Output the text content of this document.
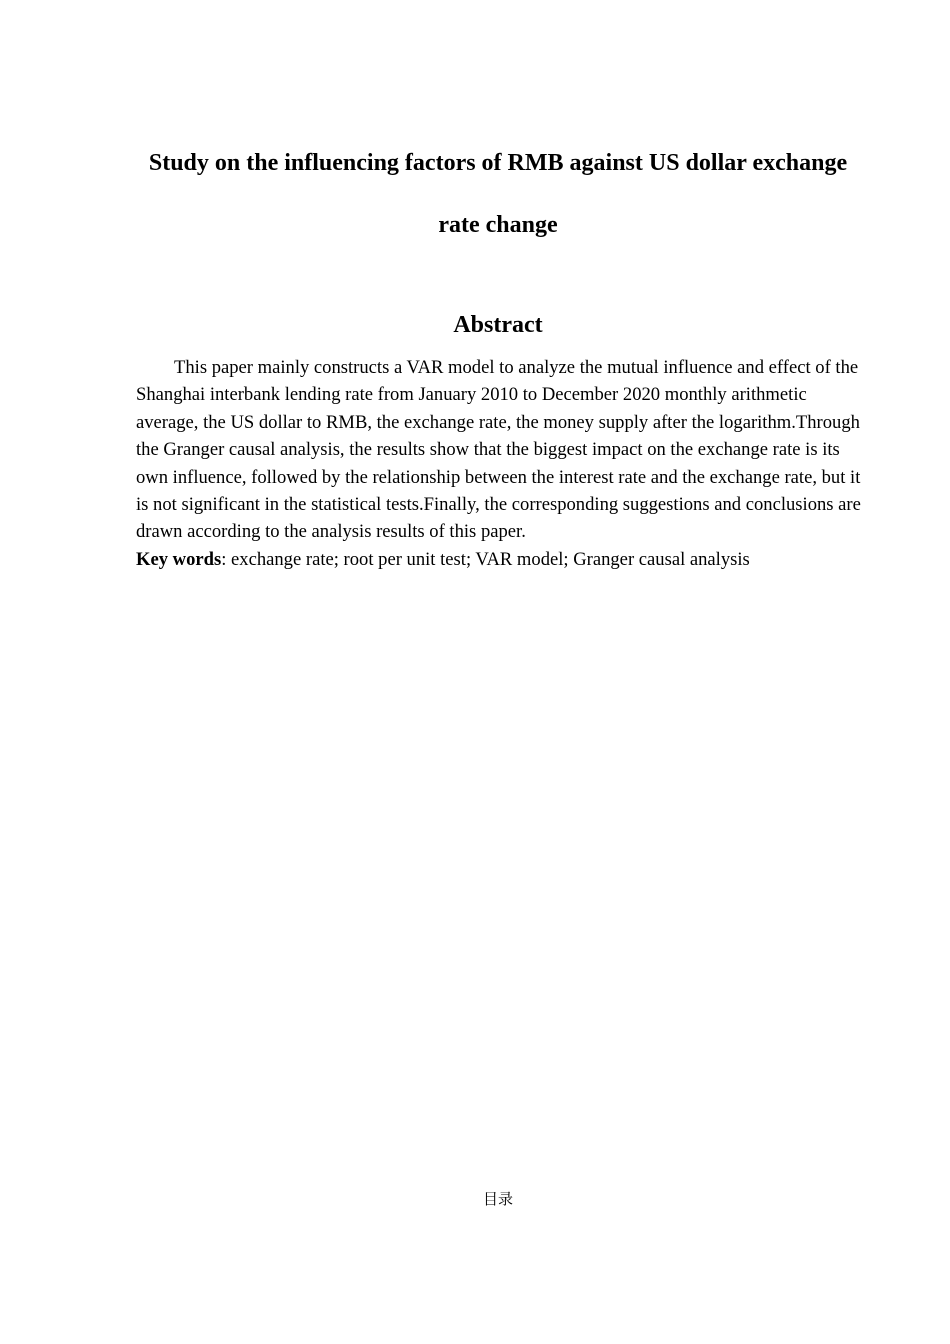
Study on the influencing factors of RMB against US dollar exchange rate change
Abstract

This paper mainly constructs a VAR model to analyze the mutual influence and effect of the Shanghai interbank lending rate from January 2010 to December 2020 monthly arithmetic average, the US dollar to RMB, the exchange rate, the money supply after the logarithm.Through the Granger causal analysis, the results show that the biggest impact on the exchange rate is its own influence, followed by the relationship between the interest rate and the exchange rate, but it is not significant in the statistical tests.Finally, the corresponding suggestions and conclusions are drawn according to the analysis results of this paper.

Key words: exchange rate; root per unit test; VAR model; Granger causal analysis

目录
